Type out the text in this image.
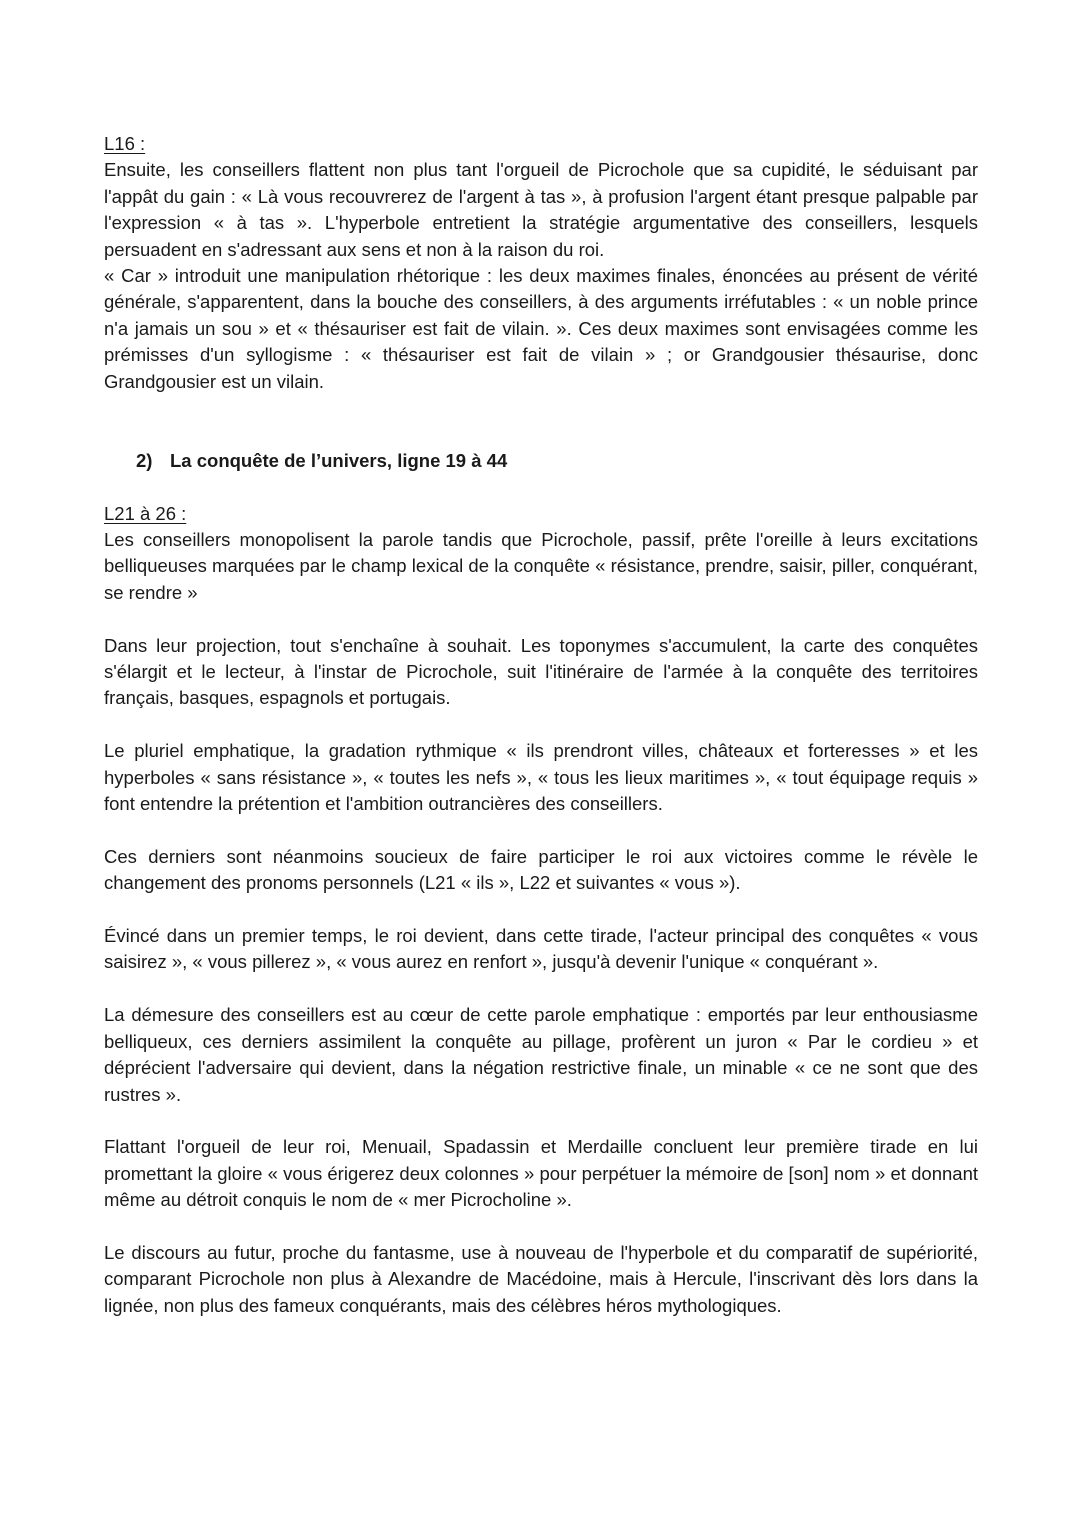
L16 :

Ensuite, les conseillers flattent non plus tant l'orgueil de Picrochole que sa cupidité, le séduisant par l'appât du gain : « Là vous recouvrerez de l'argent à tas », à profusion l'argent étant presque palpable par l'expression « à tas ». L'hyperbole entretient la stratégie argumentative des conseillers, lesquels persuadent en s'adressant aux sens et non à la raison du roi.

« Car » introduit une manipulation rhétorique : les deux maximes finales, énoncées au présent de vérité générale, s'apparentent, dans la bouche des conseillers, à des arguments irréfutables : « un noble prince n'a jamais un sou » et « thésauriser est fait de vilain. ». Ces deux maximes sont envisagées comme les prémisses d'un syllogisme : « thésauriser est fait de vilain » ; or Grandgousier thésaurise, donc Grandgousier est un vilain.

2) La conquête de l’univers, ligne 19 à 44
L21 à 26 :

Les conseillers monopolisent la parole tandis que Picrochole, passif, prête l'oreille à leurs excitations belliqueuses marquées par le champ lexical de la conquête « résistance, prendre, saisir, piller, conquérant, se rendre »

Dans leur projection, tout s'enchaîne à souhait. Les toponymes s'accumulent, la carte des conquêtes s'élargit et le lecteur, à l'instar de Picrochole, suit l'itinéraire de l'armée à la conquête des territoires français, basques, espagnols et portugais.

Le pluriel emphatique, la gradation rythmique « ils prendront villes, châteaux et forteresses » et les hyperboles « sans résistance », « toutes les nefs », « tous les lieux maritimes », « tout équipage requis » font entendre la prétention et l'ambition outrancières des conseillers.

Ces derniers sont néanmoins soucieux de faire participer le roi aux victoires comme le révèle le changement des pronoms personnels (L21 « ils », L22 et suivantes « vous »).

Évincé dans un premier temps, le roi devient, dans cette tirade, l'acteur principal des conquêtes « vous saisirez », « vous pillerez », « vous aurez en renfort », jusqu'à devenir l'unique « conquérant ».

La démesure des conseillers est au cœur de cette parole emphatique : emportés par leur enthousiasme belliqueux, ces derniers assimilent la conquête au pillage, profèrent un juron « Par le cordieu » et déprécient l'adversaire qui devient, dans la négation restrictive finale, un minable « ce ne sont que des rustres ».

Flattant l'orgueil de leur roi, Menuail, Spadassin et Merdaille concluent leur première tirade en lui promettant la gloire « vous érigerez deux colonnes » pour perpétuer la mémoire de [son] nom » et donnant même au détroit conquis le nom de « mer Picrocholine ».

Le discours au futur, proche du fantasme, use à nouveau de l'hyperbole et du comparatif de supériorité, comparant Picrochole non plus à Alexandre de Macédoine, mais à Hercule, l'inscrivant dès lors dans la lignée, non plus des fameux conquérants, mais des célèbres héros mythologiques.
